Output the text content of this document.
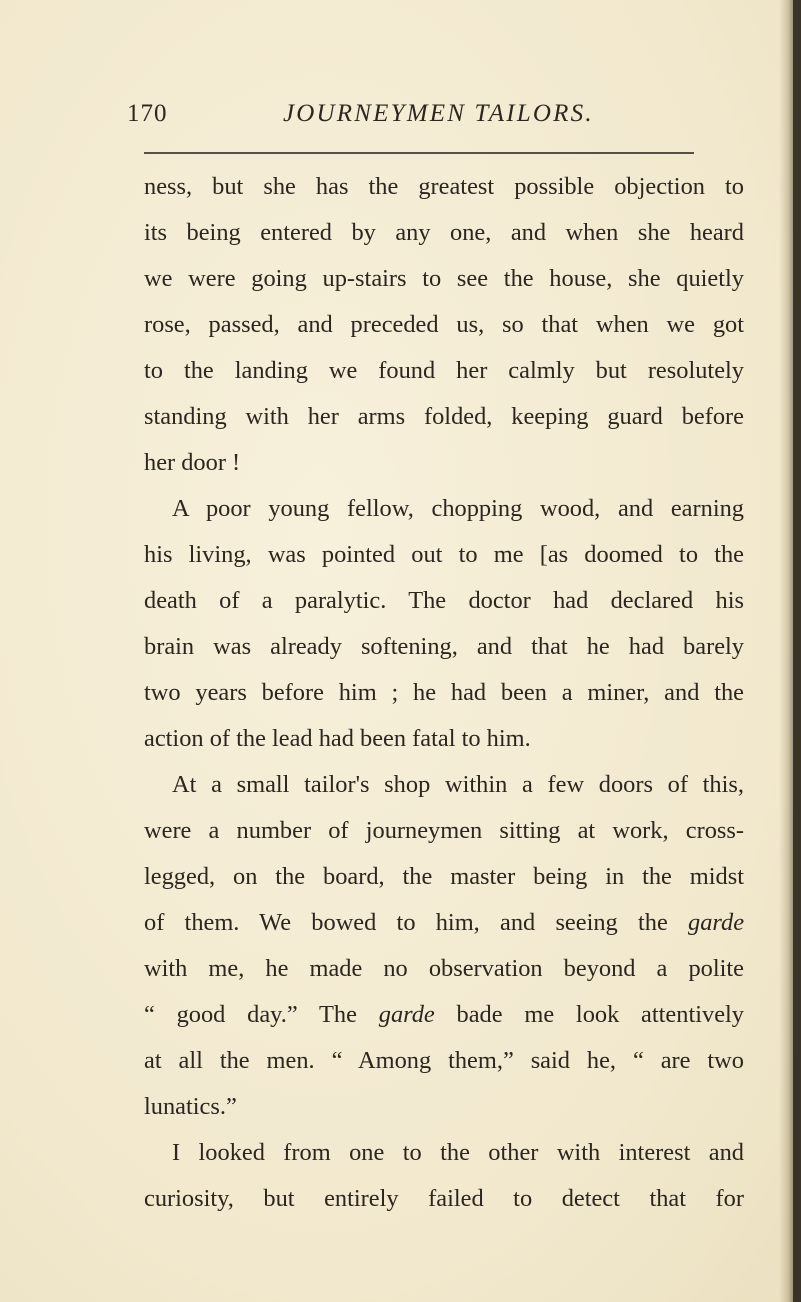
170	JOURNEYMEN TAILORS.
ness, but she has the greatest possible objection to
its being entered by any one, and when she heard
we were going up-stairs to see the house, she quietly
rose, passed, and preceded us, so that when we got
to the landing we found her calmly but resolutely
standing with her arms folded, keeping guard before
her door !
A poor young fellow, chopping wood, and earning
his living, was pointed out to me [as doomed to the
death of a paralytic. The doctor had declared his
brain was already softening, and that he had barely
two years before him ; he had been a miner, and the
action of the lead had been fatal to him.
At a small tailor's shop within a few doors of this,
were a number of journeymen sitting at work, cross-
legged, on the board, the master being in the midst
of them. We bowed to him, and seeing the garde
with me, he made no observation beyond a polite
“ good day.” The garde bade me look attentively
at all the men. “ Among them,” said he, “ are two
lunatics.”
I looked from one to the other with interest and
curiosity, but entirely failed to detect that for
